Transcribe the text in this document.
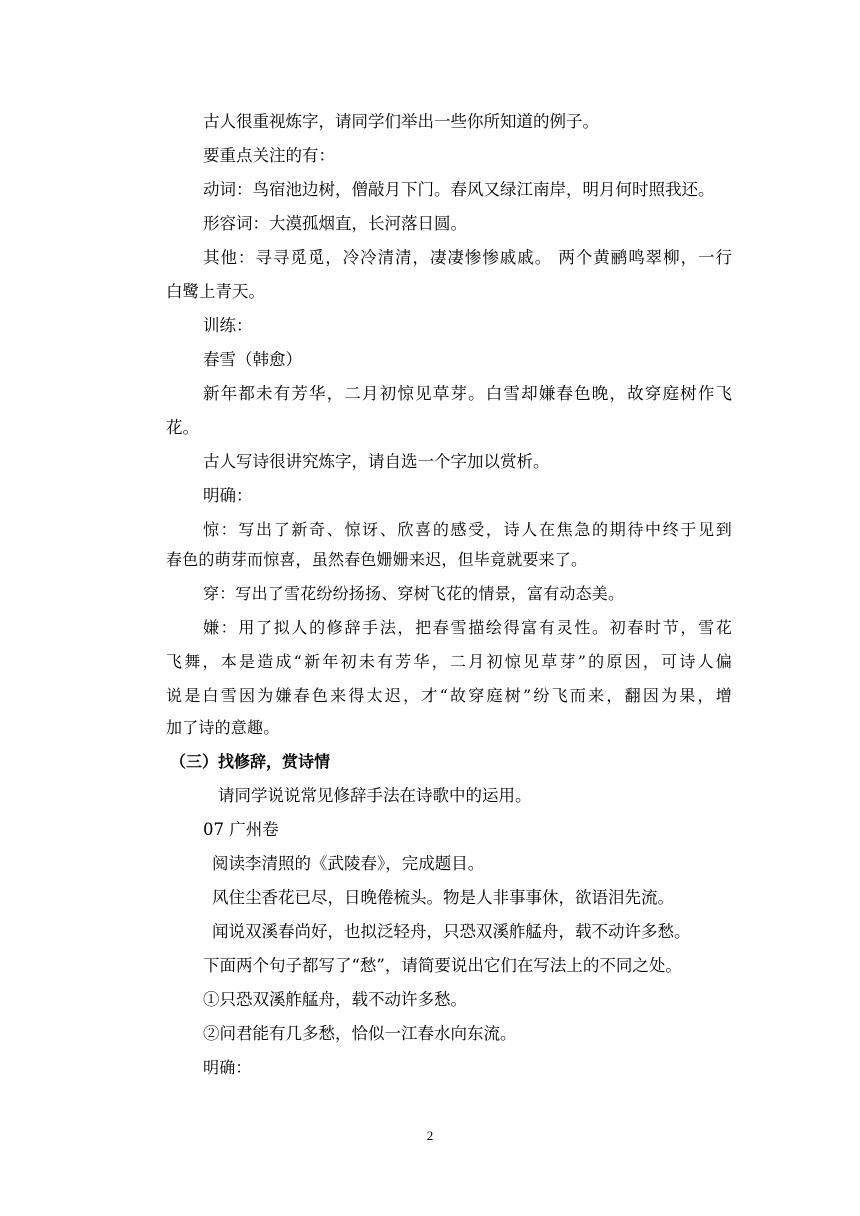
古人很重视炼字，请同学们举出一些你所知道的例子。

要重点关注的有：

动词：鸟宿池边树，僧敲月下门。春风又绿江南岸，明月何时照我还。

形容词：大漠孤烟直，长河落日圆。

其他：寻寻觅觅，冷冷清清，凄凄惨惨戚戚。 两个黄鹂鸣翠柳，一行

白鹭上青天。

训练：

春雪（韩愈）

新年都未有芳华，二月初惊见草芽。白雪却嫌春色晚，故穿庭树作飞

花。

古人写诗很讲究炼字，请自选一个字加以赏析。

明确：

惊：写出了新奇、惊讶、欣喜的感受，诗人在焦急的期待中终于见到

春色的萌芽而惊喜，虽然春色姗姗来迟，但毕竟就要来了。

穿：写出了雪花纷纷扬扬、穿树飞花的情景，富有动态美。

嫌：用了拟人的修辞手法，把春雪描绘得富有灵性。初春时节，雪花

飞舞，本是造成“新年初未有芳华，二月初惊见草芽”的原因，可诗人偏

说是白雪因为嫌春色来得太迟，才“故穿庭树”纷飞而来，翻因为果，增

加了诗的意趣。

（三）找修辞，赏诗情

请同学说说常见修辞手法在诗歌中的运用。

07 广州卷

阅读李清照的《武陵春》，完成题目。

风住尘香花已尽，日晚倦梳头。物是人非事事休，欲语泪先流。

闻说双溪春尚好，也拟泛轻舟，只恐双溪舴艋舟，载不动许多愁。

下面两个句子都写了“愁”，请简要说出它们在写法上的不同之处。

①只恐双溪舴艋舟，载不动许多愁。

②问君能有几多愁，恰似一江春水向东流。

明确：

2
